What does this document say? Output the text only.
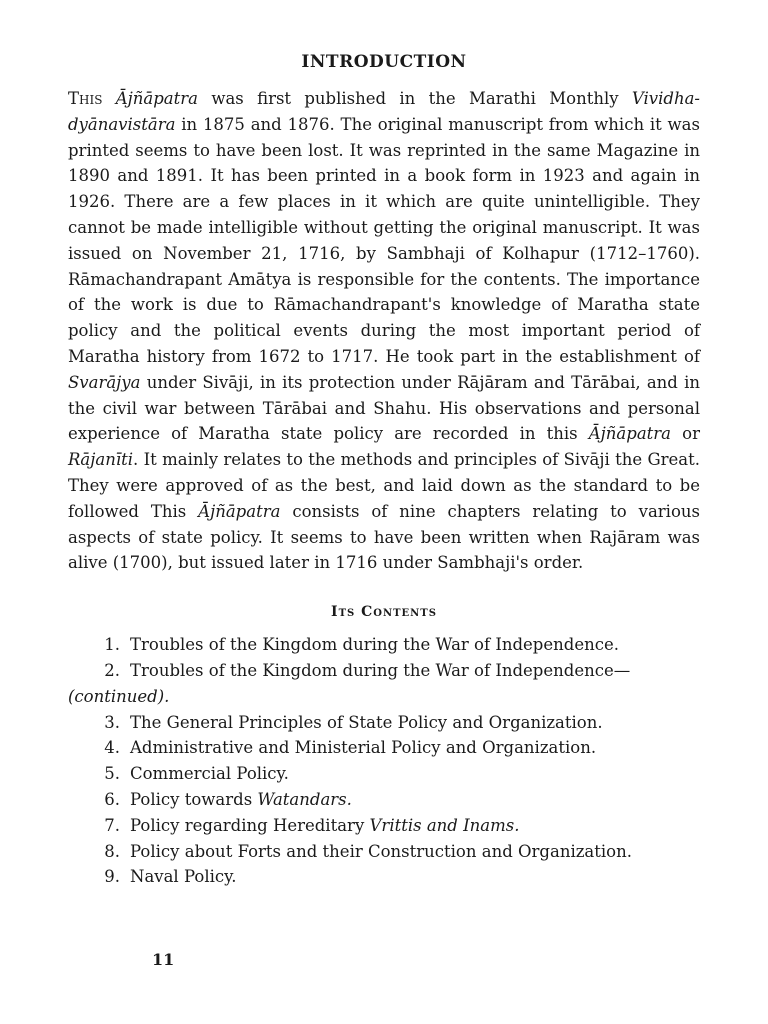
INTRODUCTION

This Ājñāpatra was first published in the Marathi Monthly Vividha-dyānavistāra in 1875 and 1876. The original manuscript from which it was printed seems to have been lost. It was reprinted in the same Magazine in 1890 and 1891. It has been printed in a book form in 1923 and again in 1926. There are a few places in it which are quite unintelligible. They cannot be made intelligible without getting the original manuscript. It was issued on November 21, 1716, by Sambhaji of Kolhapur (1712–1760). Rāmachandrapant Amātya is responsible for the contents. The importance of the work is due to Rāmachandrapant's knowledge of Maratha state policy and the political events during the most important period of Maratha history from 1672 to 1717. He took part in the establishment of Svarājya under Sivāji, in its protection under Rājāram and Tārābai, and in the civil war between Tārābai and Shahu. His observations and personal experience of Maratha state policy are recorded in this Ājñāpatra or Rājanīti. It mainly relates to the methods and principles of Sivāji the Great. They were approved of as the best, and laid down as the standard to be followed This Ājñāpatra consists of nine chapters relating to various aspects of state policy. It seems to have been written when Rajāram was alive (1700), but issued later in 1716 under Sambhaji's order.

Its Contents
1. Troubles of the Kingdom during the War of Independence.
2. Troubles of the Kingdom during the War of Independence—
(continued).
3. The General Principles of State Policy and Organization.
4. Administrative and Ministerial Policy and Organization.
5. Commercial Policy.
6. Policy towards Watandars.
7. Policy regarding Hereditary Vrittis and Inams.
8. Policy about Forts and their Construction and Organization.
9. Naval Policy.
11
